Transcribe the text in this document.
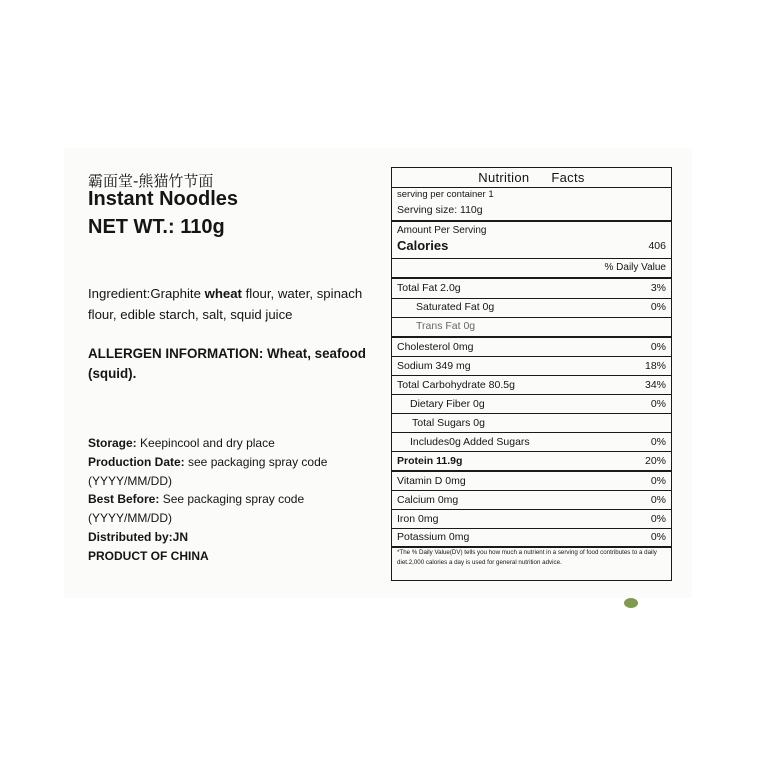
霸面堂-熊猫竹节面
Instant Noodles
NET WT.: 110g
Ingredient:Graphite wheat flour, water, spinach flour, edible starch, salt, squid juice
ALLERGEN INFORMATION: Wheat, seafood (squid).
Storage: Keepincool and dry place
Production Date: see packaging spray code (YYYY/MM/DD)
Best Before: See packaging spray code (YYYY/MM/DD)
Distributed by:JN
PRODUCT OF CHINA
Nutrition Facts
serving per container 1
Serving size: 110g
Amount Per Serving
Calories	406
% Daily Value
Total Fat 2.0g	3%
Saturated Fat 0g	0%
Trans Fat 0g
Cholesterol 0mg	0%
Sodium 349 mg	18%
Total Carbohydrate 80.5g	34%
Dietary Fiber 0g	0%
Total Sugars 0g
Includes0g Added Sugars	0%
Protein 11.9g	20%
Vitamin D 0mg	0%
Calcium 0mg	0%
Iron 0mg	0%
Potassium 0mg	0%
*The % Daily Value(DV) tells you how much a nutrient in a serving of food contributes to a daily diet.2,000 calories a day is used for general nutrition advice.
